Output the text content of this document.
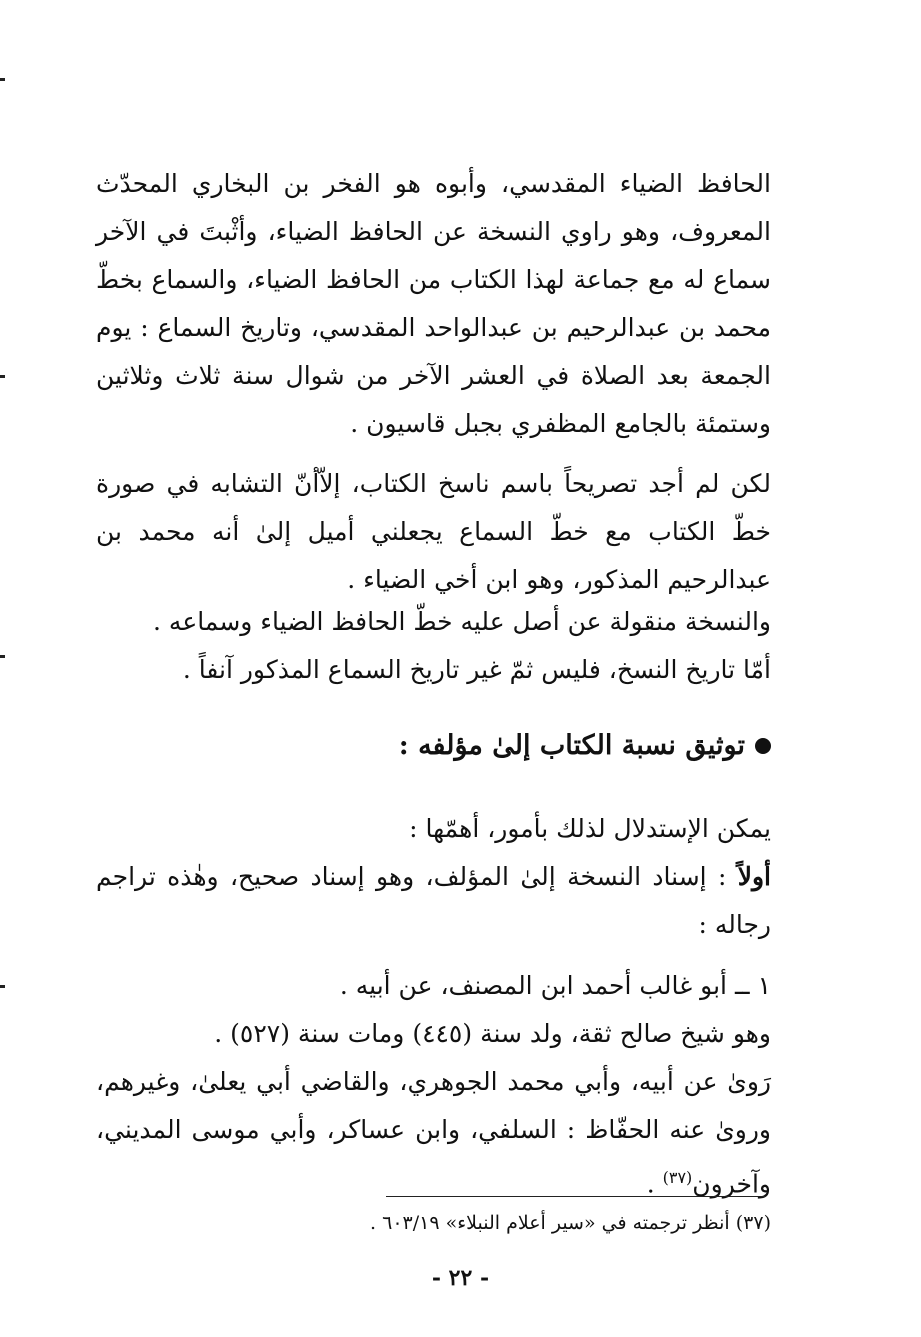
الحافظ الضياء المقدسي، وأبوه هو الفخر بن البخاري المحدّث المعروف، وهو راوي النسخة عن الحافظ الضياء، وأثْبتَ في الآخر سماع له مع جماعة لهذا الكتاب من الحافظ الضياء، والسماع بخطّ محمد بن عبدالرحيم بن عبدالواحد المقدسي، وتاريخ السماع : يوم الجمعة بعد الصلاة في العشر الآخر من شوال سنة ثلاث وثلاثين وستمئة بالجامع المظفري بجبل قاسيون .

لكن لم أجد تصريحاً باسم ناسخ الكتاب، إلاّأنّ التشابه في صورة خطّ الكتاب مع خطّ السماع يجعلني أميل إلىٰ أنه محمد بن عبدالرحيم المذكور، وهو ابن أخي الضياء .

والنسخة منقولة عن أصل عليه خطّ الحافظ الضياء وسماعه .

أمّا تاريخ النسخ، فليس ثمّ غير تاريخ السماع المذكور آنفاً .

توثيق نسبة الكتاب إلىٰ مؤلفه :

يمكن الإستدلال لذلك بأمور، أهمّها :

أولاً : إسناد النسخة إلىٰ المؤلف، وهو إسناد صحيح، وهٰذه تراجم رجاله :

١ ــ أبو غالب أحمد ابن المصنف، عن أبيه .

وهو شيخ صالح ثقة، ولد سنة (٤٤٥) ومات سنة (٥٢٧) .

رَوىٰ عن أبيه، وأبي محمد الجوهري، والقاضي أبي يعلىٰ، وغيرهم، وروىٰ عنه الحفّاظ : السلفي، وابن عساكر، وأبي موسى المديني، وآخرون$^{(٣٧)}$ .

(٣٧) أنظر ترجمته في «سير أعلام النبلاء» ٦٠٣/١٩ .
- ٢٢ -
